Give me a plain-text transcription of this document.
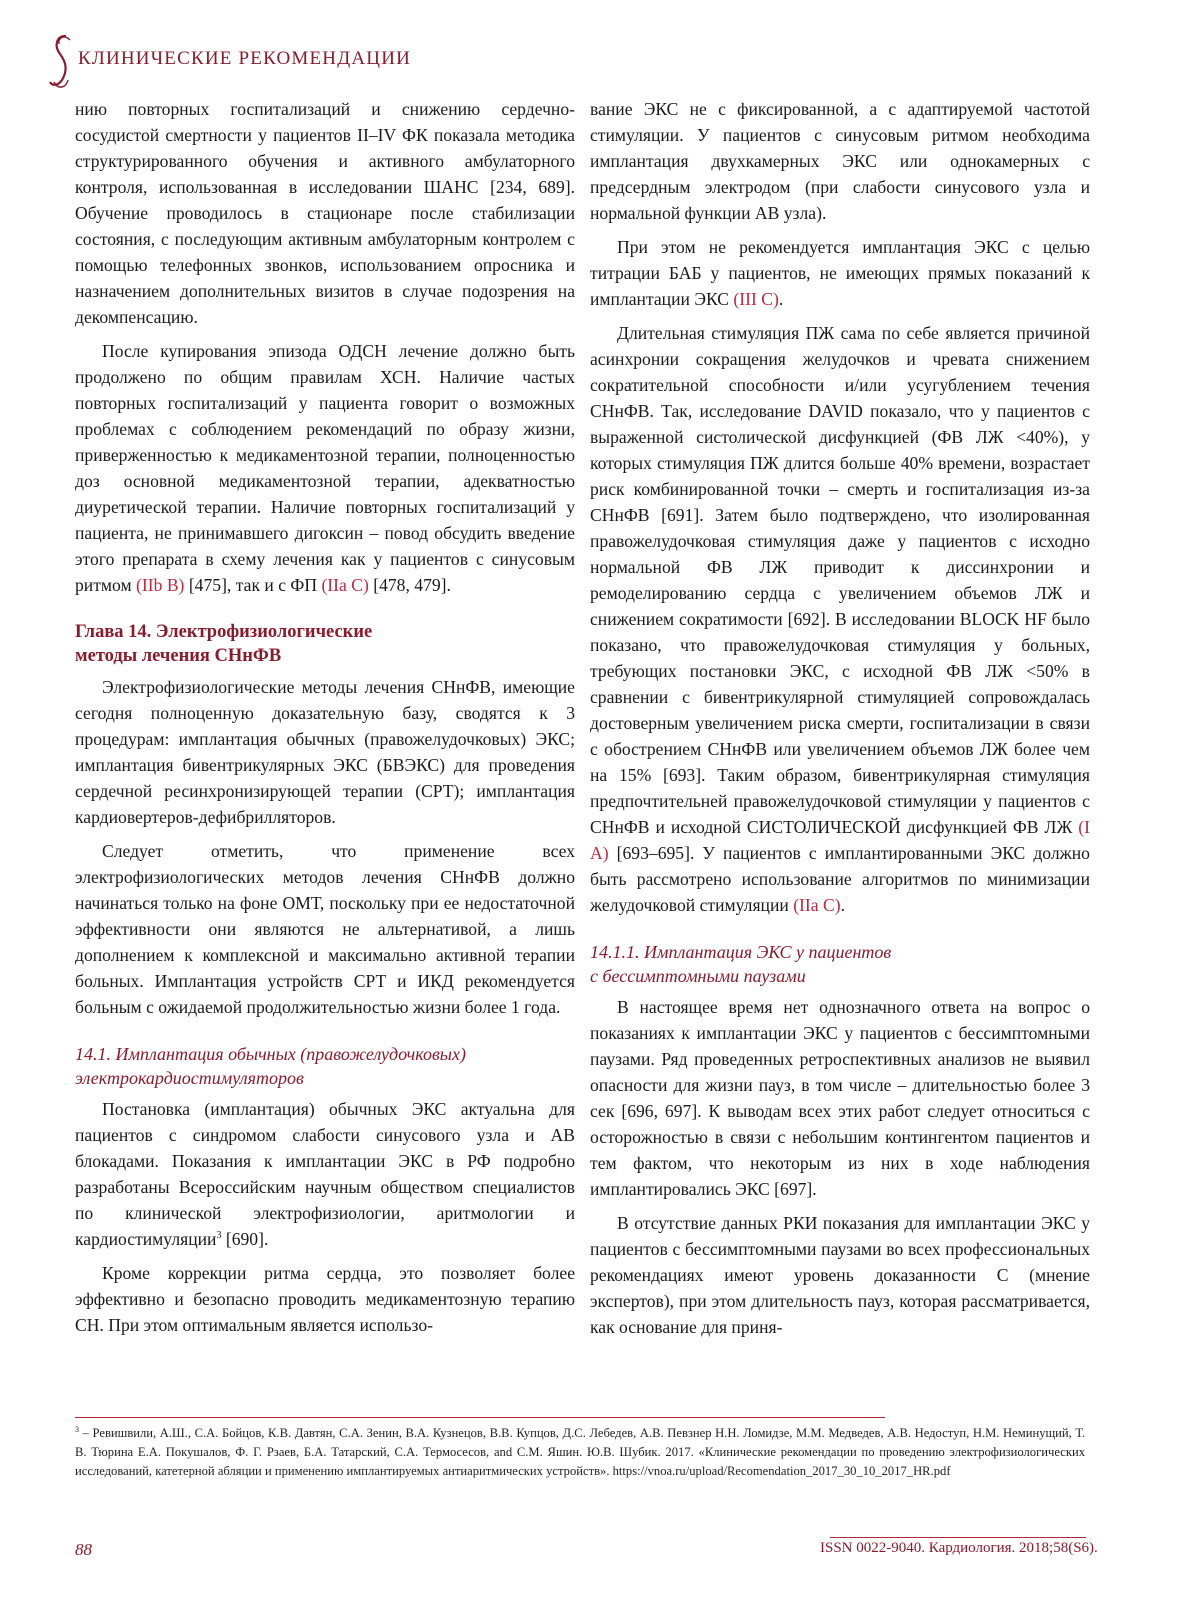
КЛИНИЧЕСКИЕ РЕКОМЕНДАЦИИ

нию повторных госпитализаций и снижению сердечно-сосудистой смертности у пациентов II–IV ФК показала методика структурированного обучения и активного амбулаторного контроля, использованная в исследовании ШАНС [234, 689]. Обучение проводилось в стационаре после стабилизации состояния, с последующим активным амбулаторным контролем с помощью телефонных звонков, использованием опросника и назначением дополнительных визитов в случае подозрения на декомпенсацию.

После купирования эпизода ОДСН лечение должно быть продолжено по общим правилам ХСН. Наличие частых повторных госпитализаций у пациента говорит о возможных проблемах с соблюдением рекомендаций по образу жизни, приверженностью к медикаментозной терапии, полноценностью доз основной медикаментозной терапии, адекватностью диуретической терапии. Наличие повторных госпитализаций у пациента, не принимавшего дигоксин – повод обсудить введение этого препарата в схему лечения как у пациентов с синусовым ритмом (IIb B) [475], так и с ФП (IIa C) [478, 479].

Глава 14. Электрофизиологические
методы лечения СНнФВ

Электрофизиологические методы лечения СНнФВ, имеющие сегодня полноценную доказательную базу, сводятся к 3 процедурам: имплантация обычных (правожелудочковых) ЭКС; имплантация бивентрикулярных ЭКС (БВЭКС) для проведения сердечной ресинхронизирующей терапии (СРТ); имплантация кардиовертеров-дефибрилляторов.

Следует отметить, что применение всех электрофизиологических методов лечения СНнФВ должно начинаться только на фоне ОМТ, поскольку при ее недостаточной эффективности они являются не альтернативой, а лишь дополнением к комплексной и максимально активной терапии больных. Имплантация устройств СРТ и ИКД рекомендуется больным с ожидаемой продолжительностью жизни более 1 года.

14.1. Имплантация обычных (правожелудочковых)
электрокардиостимуляторов

Постановка (имплантация) обычных ЭКС актуальна для пациентов с синдромом слабости синусового узла и АВ блокадами. Показания к имплантации ЭКС в РФ подробно разработаны Всероссийским научным обществом специалистов по клинической электрофизиологии, аритмологии и кардиостимуляции$^3$ [690].

Кроме коррекции ритма сердца, это позволяет более эффективно и безопасно проводить медикаментозную терапию СН. При этом оптимальным является использо-

вание ЭКС не с фиксированной, а с адаптируемой частотой стимуляции. У пациентов с синусовым ритмом необходима имплантация двухкамерных ЭКС или однокамерных с предсердным электродом (при слабости синусового узла и нормальной функции АВ узла).

При этом не рекомендуется имплантация ЭКС с целью титрации БАБ у пациентов, не имеющих прямых показаний к имплантации ЭКС (III C).

Длительная стимуляция ПЖ сама по себе является причиной асинхронии сокращения желудочков и чревата снижением сократительной способности и/или усугублением течения СНнФВ. Так, исследование DAVID показало, что у пациентов с выраженной систолической дисфункцией (ФВ ЛЖ <40%), у которых стимуляция ПЖ длится больше 40% времени, возрастает риск комбинированной точки – смерть и госпитализация из-за СНнФВ [691]. Затем было подтверждено, что изолированная правожелудочковая стимуляция даже у пациентов с исходно нормальной ФВ ЛЖ приводит к диссинхронии и ремоделированию сердца с увеличением объемов ЛЖ и снижением сократимости [692]. В исследовании BLOCK HF было показано, что правожелудочковая стимуляция у больных, требующих постановки ЭКС, с исходной ФВ ЛЖ <50% в сравнении с бивентрикулярной стимуляцией сопровождалась достоверным увеличением риска смерти, госпитализации в связи с обострением СНнФВ или увеличением объемов ЛЖ более чем на 15% [693]. Таким образом, бивентрикулярная стимуляция предпочтительней правожелудочковой стимуляции у пациентов с СНнФВ и исходной СИСТОЛИЧЕСКОЙ дисфункцией ФВ ЛЖ (I A) [693–695]. У пациентов с имплантированными ЭКС должно быть рассмотрено использование алгоритмов по минимизации желудочковой стимуляции (IIa C).

14.1.1. Имплантация ЭКС у пациентов
с бессимптомными паузами

В настоящее время нет однозначного ответа на вопрос о показаниях к имплантации ЭКС у пациентов с бессимптомными паузами. Ряд проведенных ретроспективных анализов не выявил опасности для жизни пауз, в том числе – длительностью более 3 сек [696, 697]. К выводам всех этих работ следует относиться с осторожностью в связи с небольшим контингентом пациентов и тем фактом, что некоторым из них в ходе наблюдения имплантировались ЭКС [697].

В отсутствие данных РКИ показания для имплантации ЭКС у пациентов с бессимптомными паузами во всех профессиональных рекомендациях имеют уровень доказанности С (мнение экспертов), при этом длительность пауз, которая рассматривается, как основание для приня-

$^3$ – Ревишвили, А.Ш., С.А. Бойцов, К.В. Давтян, С.А. Зенин, В.А. Кузнецов, В.В. Купцов, Д.С. Лебедев, А.В. Певзнер Н.Н. Ломидзе, М.М. Медведев, А.В. Недоступ, Н.М. Неминущий, Т. В. Тюрина Е.А. Покушалов, Ф. Г. Рзаев, Б.А. Татарский, С.А. Термосесов, and С.М. Яшин. Ю.В. Шубик. 2017. «Клинические рекомендации по проведению электрофизиологических исследований, катетерной абляции и применению имплантируемых антиаритмических устройств». https://vnoa.ru/upload/Recomendation_2017_30_10_2017_HR.pdf
88	ISSN 0022-9040. Кардиология. 2018;58(S6).
